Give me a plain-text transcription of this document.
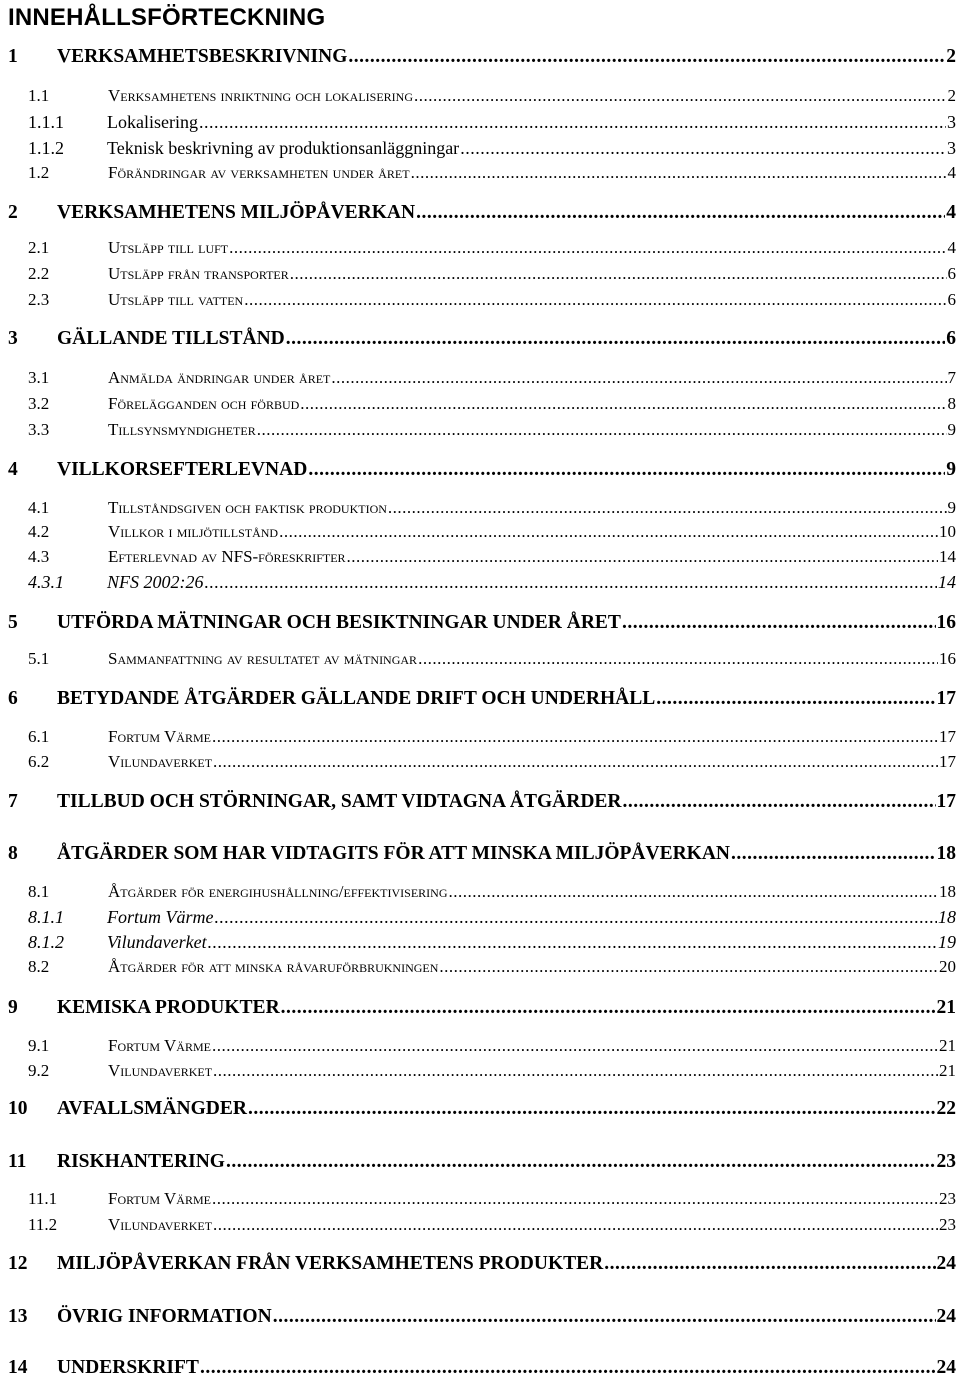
INNEHÅLLSFÖRTECKNING
1	VERKSAMHETSBESKRIVNING .....	2
1.1	Verksamhetens inriktning och lokalisering .....	2
1.1.1	Lokalisering .....	3
1.1.2	Teknisk beskrivning av produktionsanläggningar .....	3
1.2	Förändringar av verksamheten under året .....	4
2	VERKSAMHETENS MILJÖPÅVERKAN .....	4
2.1	Utsläpp till luft .....	4
2.2	Utsläpp från transporter .....	6
2.3	Utsläpp till vatten .....	6
3	GÄLLANDE TILLSTÅND .....	6
3.1	Anmälda ändringar under året .....	7
3.2	Förelägganden och förbud .....	8
3.3	Tillsynsmyndigheter .....	9
4	VILLKORSEFTERLEVNAD .....	9
4.1	Tillståndsgiven och faktisk produktion .....	9
4.2	Villkor i miljötillstånd .....	10
4.3	Efterlevnad av NFS-föreskrifter .....	14
4.3.1	NFS 2002:26 .....	14
5	UTFÖRDA MÄTNINGAR OCH BESIKTNINGAR UNDER ÅRET .....	16
5.1	Sammanfattning av resultatet av mätningar .....	16
6	BETYDANDE ÅTGÄRDER GÄLLANDE DRIFT OCH UNDERHÅLL .....	17
6.1	Fortum Värme .....	17
6.2	Vilundaverket .....	17
7	TILLBUD OCH STÖRNINGAR, SAMT VIDTAGNA ÅTGÄRDER .....	17
8	ÅTGÄRDER SOM HAR VIDTAGITS FÖR ATT MINSKA MILJÖPÅVERKAN .....	18
8.1	Åtgärder för energihushållning/effektivisering .....	18
8.1.1	Fortum Värme .....	18
8.1.2	Vilundaverket .....	19
8.2	Åtgärder för att minska råvaruförbrukningen .....	20
9	KEMISKA PRODUKTER .....	21
9.1	Fortum Värme .....	21
9.2	Vilundaverket .....	21
10	AVFALLSMÄNGDER .....	22
11	RISKHANTERING .....	23
11.1	Fortum Värme .....	23
11.2	Vilundaverket .....	23
12	MILJÖPÅVERKAN FRÅN VERKSAMHETENS PRODUKTER .....	24
13	ÖVRIG INFORMATION .....	24
14	UNDERSKRIFT .....	24
